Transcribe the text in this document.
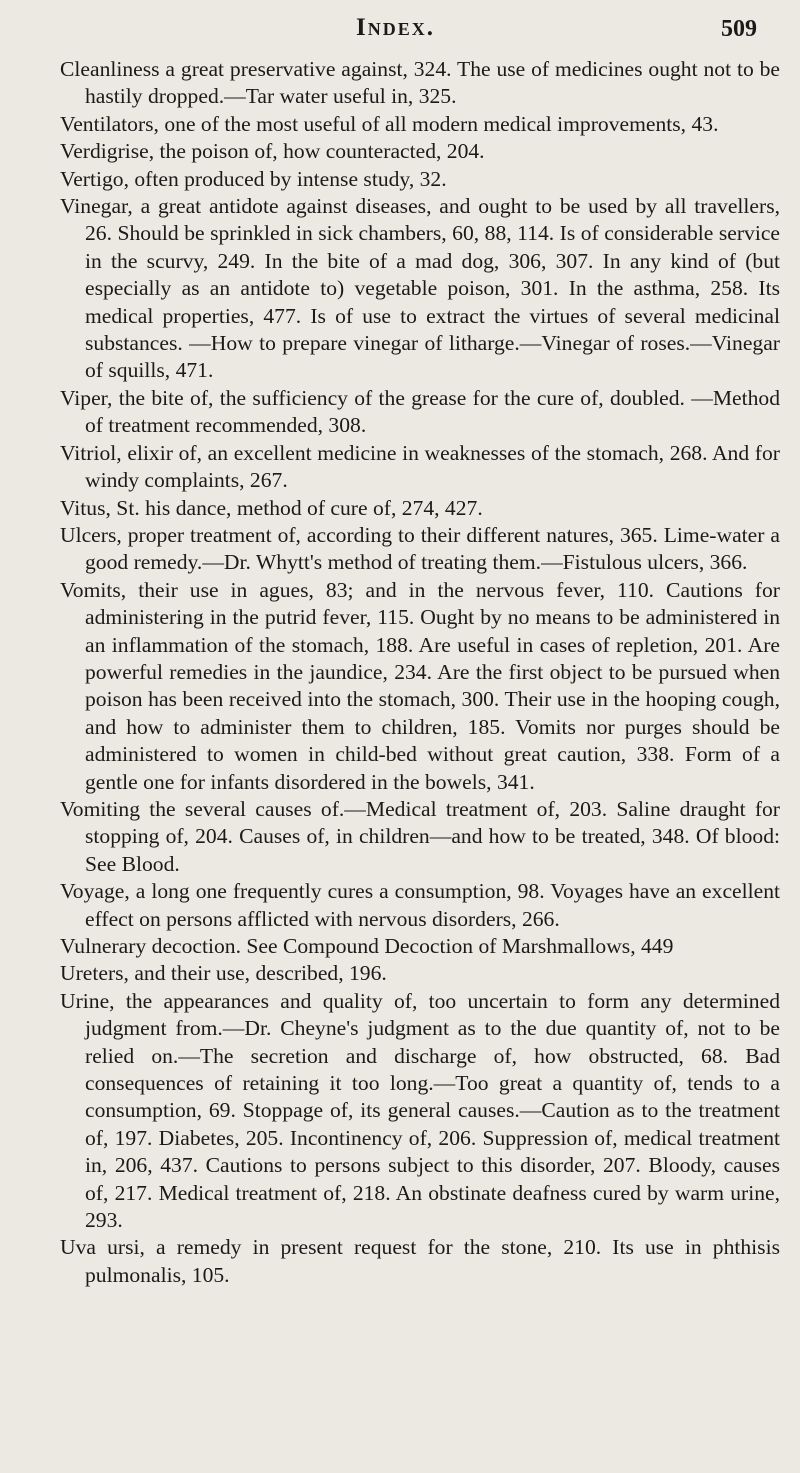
Index.	509

Cleanliness a great preservative against, 324. The use of medicines ought not to be hastily dropped.—Tar water useful in, 325.

Ventilators, one of the most useful of all modern medical improvements, 43.

Verdigrise, the poison of, how counteracted, 204.

Vertigo, often produced by intense study, 32.

Vinegar, a great antidote against diseases, and ought to be used by all travellers, 26. Should be sprinkled in sick chambers, 60, 88, 114. Is of considerable service in the scurvy, 249. In the bite of a mad dog, 306, 307. In any kind of (but especially as an antidote to) vegetable poison, 301. In the asthma, 258. Its medical properties, 477. Is of use to extract the virtues of several medicinal substances. —How to prepare vinegar of litharge.—Vinegar of roses.—Vinegar of squills, 471.

Viper, the bite of, the sufficiency of the grease for the cure of, doubled. —Method of treatment recommended, 308.

Vitriol, elixir of, an excellent medicine in weaknesses of the stomach, 268. And for windy complaints, 267.

Vitus, St. his dance, method of cure of, 274, 427.

Ulcers, proper treatment of, according to their different natures, 365. Lime-water a good remedy.—Dr. Whytt's method of treating them.—Fistulous ulcers, 366.

Vomits, their use in agues, 83; and in the nervous fever, 110. Cautions for administering in the putrid fever, 115. Ought by no means to be administered in an inflammation of the stomach, 188. Are useful in cases of repletion, 201. Are powerful remedies in the jaundice, 234. Are the first object to be pursued when poison has been received into the stomach, 300. Their use in the hooping cough, and how to administer them to children, 185. Vomits nor purges should be administered to women in child-bed without great caution, 338. Form of a gentle one for infants disordered in the bowels, 341.

Vomiting the several causes of.—Medical treatment of, 203. Saline draught for stopping of, 204. Causes of, in children—and how to be treated, 348. Of blood: See Blood.

Voyage, a long one frequently cures a consumption, 98. Voyages have an excellent effect on persons afflicted with nervous disorders, 266.

Vulnerary decoction. See Compound Decoction of Marshmallows, 449

Ureters, and their use, described, 196.

Urine, the appearances and quality of, too uncertain to form any determined judgment from.—Dr. Cheyne's judgment as to the due quantity of, not to be relied on.—The secretion and discharge of, how obstructed, 68. Bad consequences of retaining it too long.—Too great a quantity of, tends to a consumption, 69. Stoppage of, its general causes.—Caution as to the treatment of, 197. Diabetes, 205. Incontinency of, 206. Suppression of, medical treatment in, 206, 437. Cautions to persons subject to this disorder, 207. Bloody, causes of, 217. Medical treatment of, 218. An obstinate deafness cured by warm urine, 293.

Uva ursi, a remedy in present request for the stone, 210. Its use in phthisis pulmonalis, 105.
